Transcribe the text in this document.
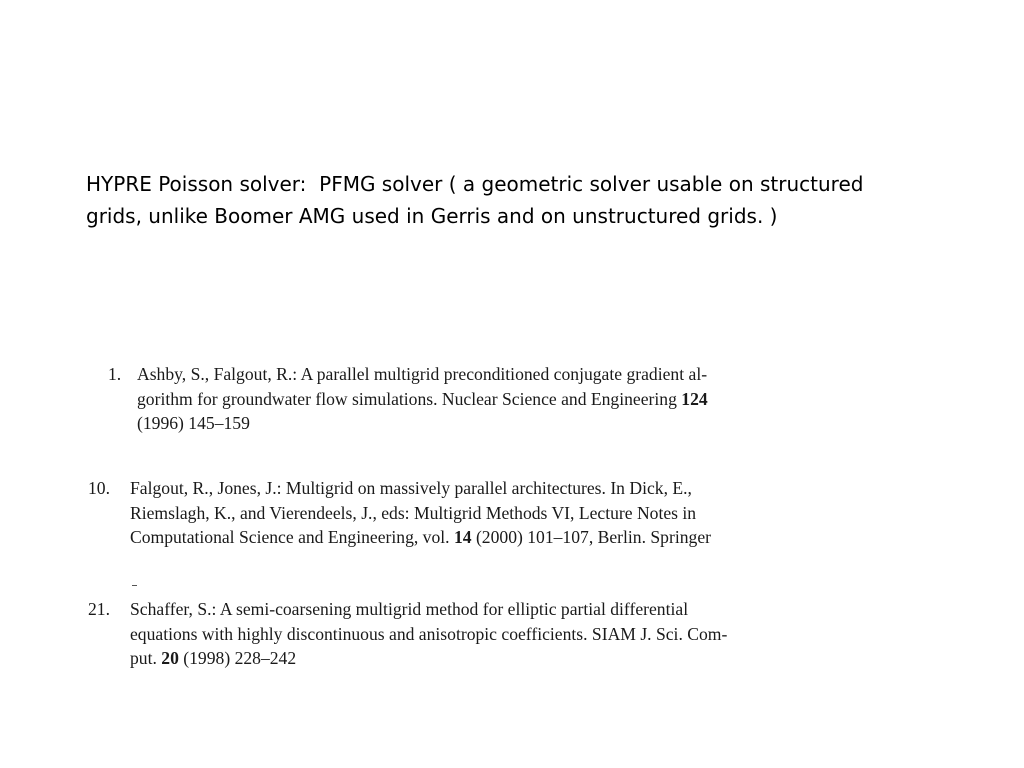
HYPRE Poisson solver:  PFMG solver ( a geometric solver usable on structured
grids, unlike Boomer AMG used in Gerris and on unstructured grids. )

1. Ashby, S., Falgout, R.: A parallel multigrid preconditioned conjugate gradient al-
gorithm for groundwater flow simulations. Nuclear Science and Engineering 124
(1996) 145–159
10. Falgout, R., Jones, J.: Multigrid on massively parallel architectures. In Dick, E.,
Riemslagh, K., and Vierendeels, J., eds: Multigrid Methods VI, Lecture Notes in
Computational Science and Engineering, vol. 14 (2000) 101–107, Berlin. Springer
21. Schaffer, S.: A semi-coarsening multigrid method for elliptic partial differential
equations with highly discontinuous and anisotropic coefficients. SIAM J. Sci. Com-
put. 20 (1998) 228–242
